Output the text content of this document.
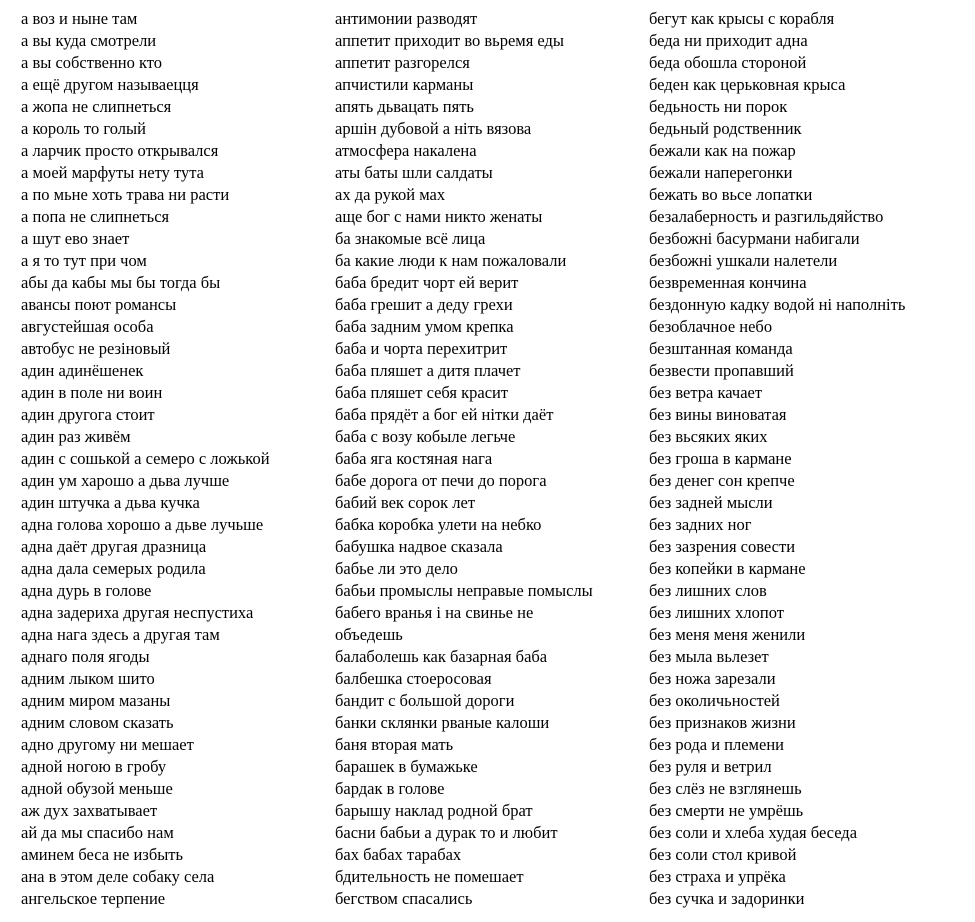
а воз и ныне там
а вы куда смотрели
а вы собственно кто
а ещё другом называецця
а жопа не слипнеться
а король то голый
а ларчик просто открывался
а моей марфуты нету тута
а по мьне хоть трава ни расти
а попа не слипнеться
а шут ево знает
а я то тут при чом
абы да кабы мы бы тогда бы
авансы поют романсы
августейшая особа
автобус не резіновый
адин адинёшенек
адин в поле ни воин
адин другога стоит
адин раз живём
адин с сошькой а семеро с ложькой
адин ум харошо а дьва лучше
адин штучка а дьва кучка
адна голова хорошо а дьве лучьше
адна даёт другая дразница
адна дала семерых родила
адна дурь в голове
адна задериха другая неспустиха
адна нага здесь а другая там
аднаго поля ягоды
адним лыком шито
адним миром мазаны
адним словом сказать
адно другому ни мешает
адной ногою в гробу
адной обузой меньше
аж дух захватывает
ай да мы спасибо нам
аминем беса не избыть
ана в этом деле собаку села
ангельское терпение
антимонии разводят
аппетит приходит во вьремя еды
аппетит разгорелся
апчистили карманы
апять дьвацать пять
аршін дубовой а ніть вязова
атмосфера накалена
аты баты шли салдаты
ах да рукой мах
аще бог с нами никто женаты
ба знакомые всё лица
ба какие люди к нам пожаловали
баба бредит чорт ей верит
баба грешит а деду грехи
баба задним умом крепка
баба и чорта перехитрит
баба пляшет а дитя плачет
баба пляшет себя красит
баба прядёт а бог ей нітки даёт
баба с возу кобыле легьче
баба яга костяная нага
бабе дорога от печи до порога
бабий век сорок лет
бабка коробка улети на небко
бабушка надвое сказала
бабье ли это дело
бабьи промыслы неправые помыслы
бабего вранья і на свинье не
объедешь
балаболешь как базарная баба
балбешка стоеросовая
бандит с большой дороги
банки склянки рваные калоши
баня вторая мать
барашек в бумажьке
бардак в голове
барышу наклад родной брат
басни бабьи а дурак то и любит
бах бабах тарабах
бдительность не помешает
бегством спасались
бегут как крысы с корабля
беда ни приходит адна
беда обошла стороной
беден как церьковная крыса
бедьность ни порок
бедьный родственник
бежали как на пожар
бежали наперегонки
бежать во вьсе лопатки
безалаберность и разгильдяйство
безбожні басурмани набигали
безбожні ушкали налетели
безвременная кончина
бездонную кадку водой ні наполніть
безоблачное небо
безштанная команда
безвести пропавший
без ветра качает
без вины виноватая
без вьсяких яких
без гроша в кармане
без денег сон крепче
без задней мысли
без задних ног
без зазрения совести
без копейки в кармане
без лишних слов
без лишних хлопот
без меня меня женили
без мыла вьлезет
без ножа зарезали
без околичьностей
без признаков жизни
без рода и племени
без руля и ветрил
без слёз не взглянешь
без смерти не умрёшь
без соли и хлеба худая беседа
без соли стол кривой
без страха и упрёка
без сучка и задоринки
